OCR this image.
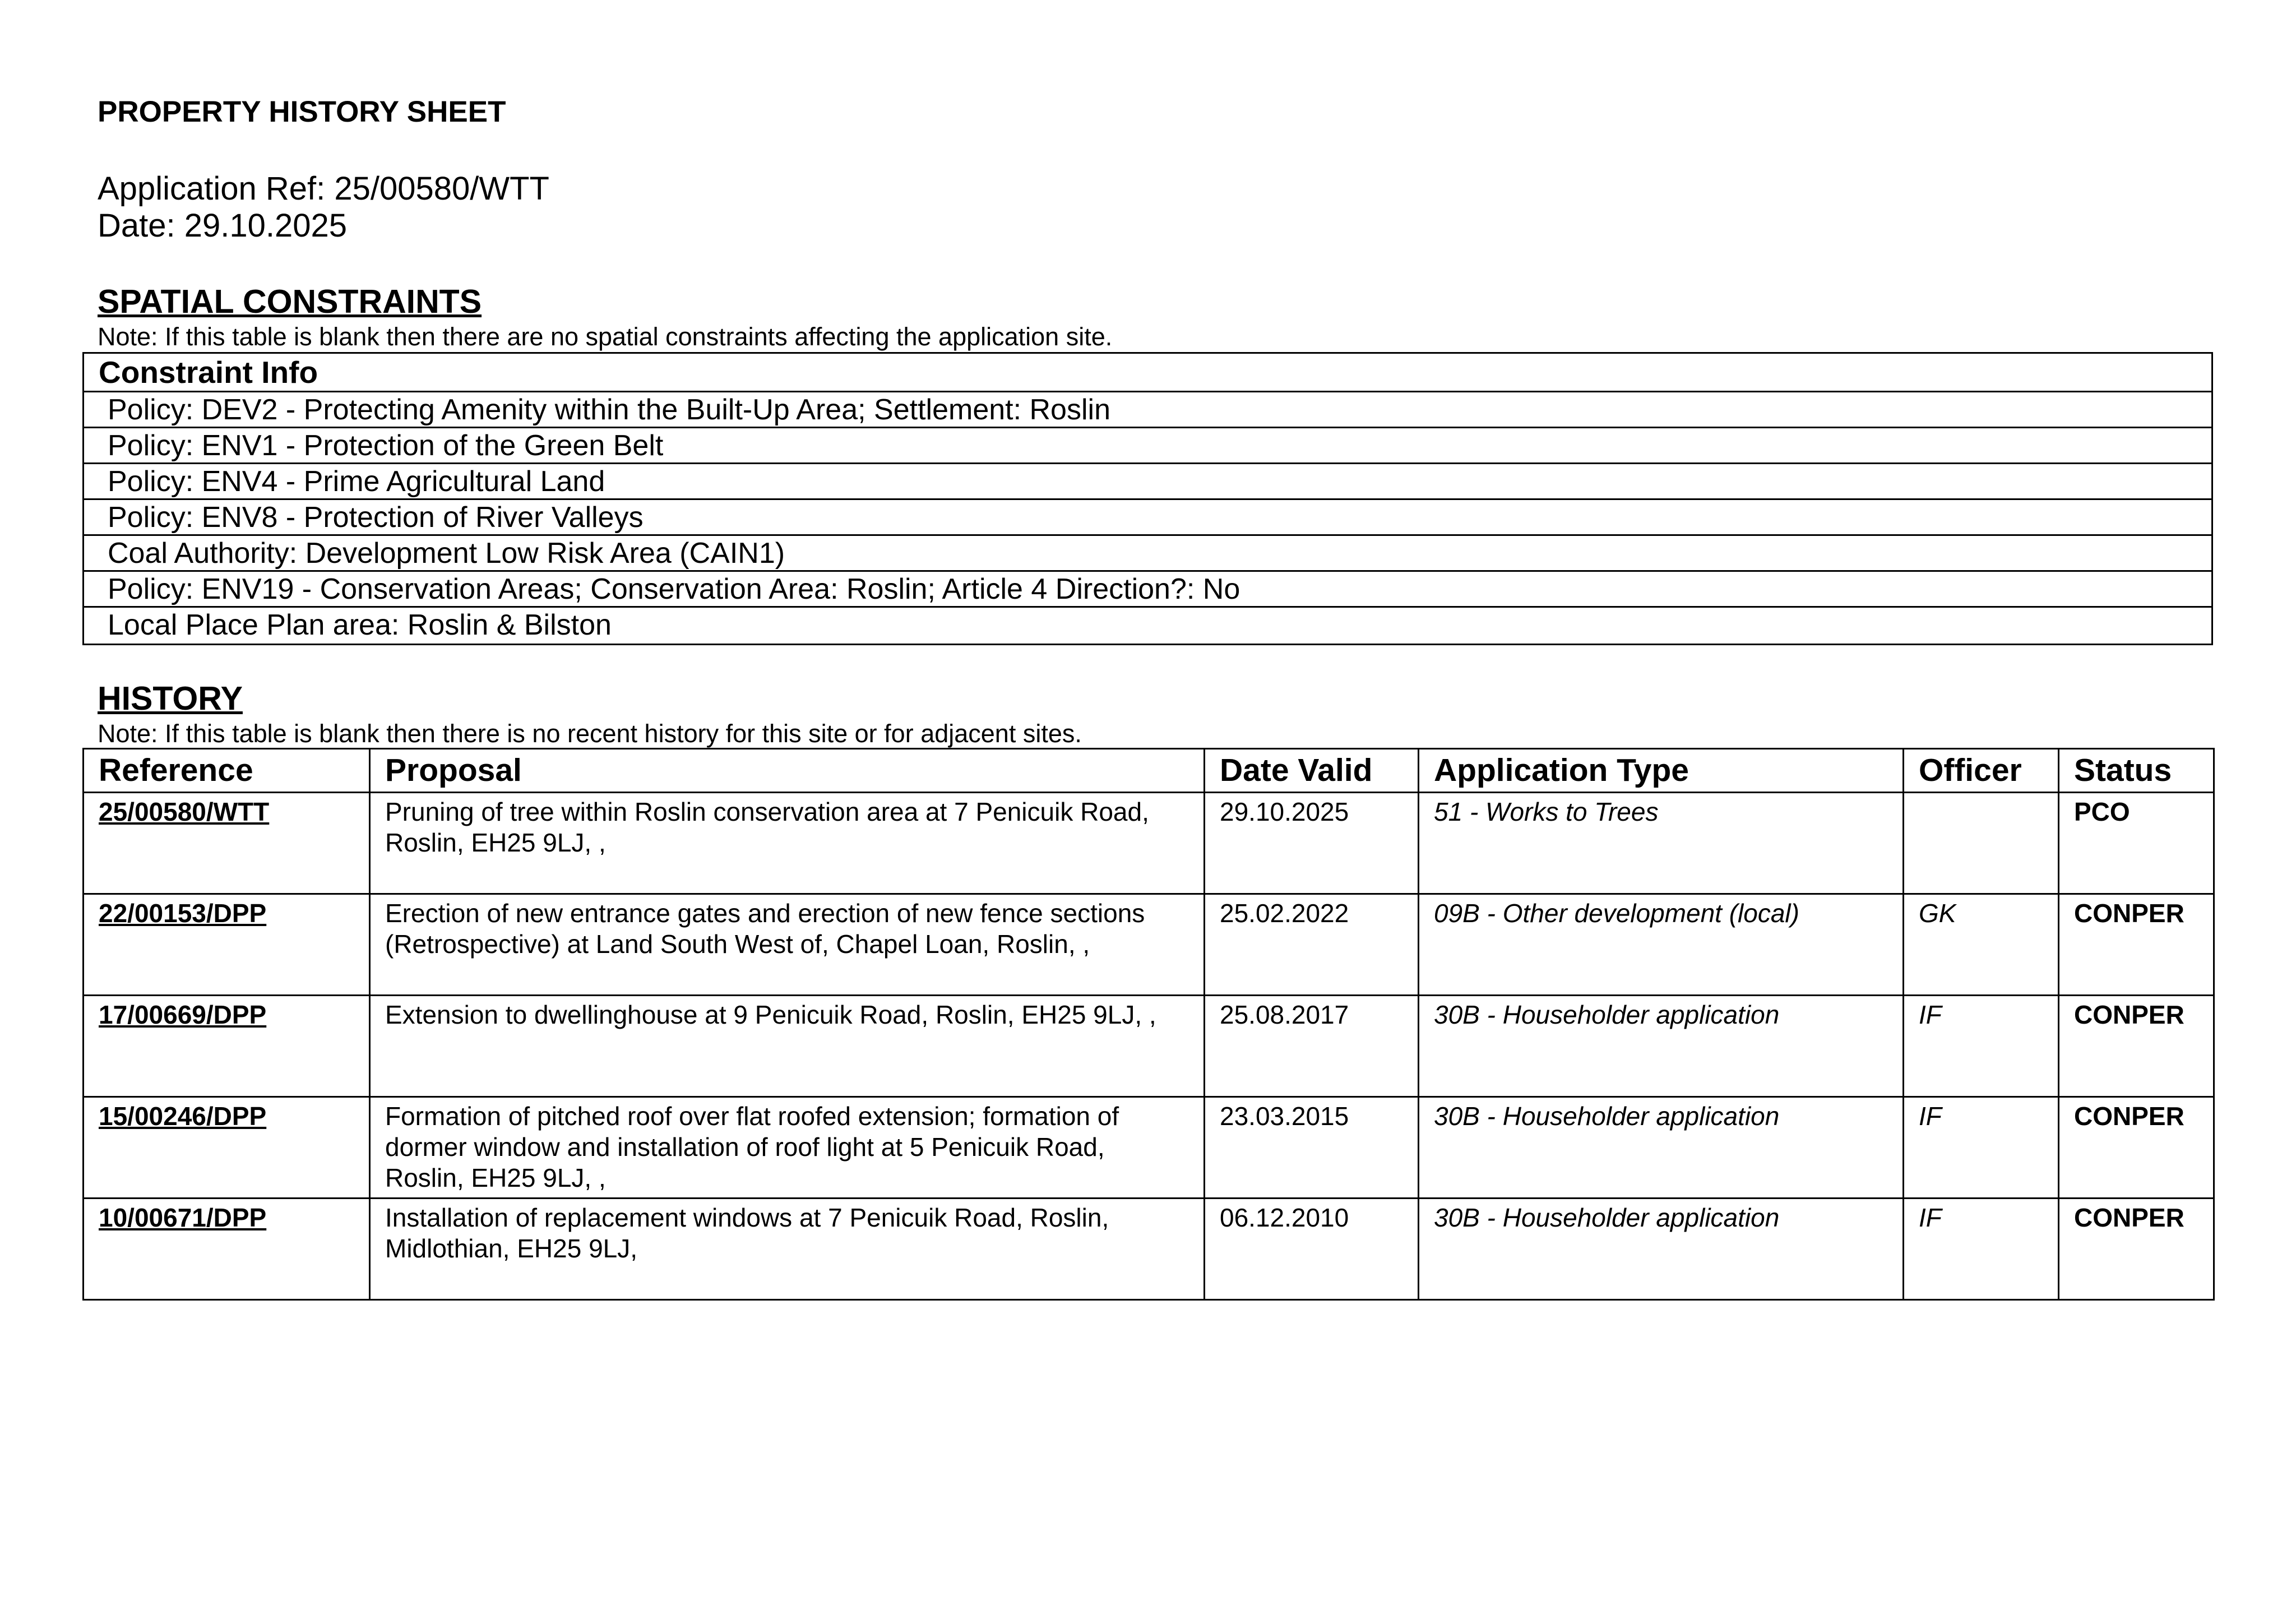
PROPERTY HISTORY SHEET
Application Ref: 25/00580/WTT
Date: 29.10.2025
SPATIAL CONSTRAINTS
Note: If this table is blank then there are no spatial constraints affecting the application site.
Constraint Info
Policy: DEV2 - Protecting Amenity within the Built-Up Area; Settlement: Roslin
Policy: ENV1 - Protection of the Green Belt
Policy: ENV4 - Prime Agricultural Land
Policy: ENV8 - Protection of River Valleys
Coal Authority: Development Low Risk Area (CAIN1)
Policy: ENV19 - Conservation Areas; Conservation Area: Roslin; Article 4 Direction?: No
Local Place Plan area: Roslin & Bilston
HISTORY
Note: If this table is blank then there is no recent history for this site or for adjacent sites.
Reference	Proposal	Date Valid	Application Type	Officer	Status
25/00580/WTT	Pruning of tree within Roslin conservation area at 7 Penicuik Road, Roslin, EH25 9LJ, ,	29.10.2025	51 - Works to Trees		PCO
22/00153/DPP	Erection of new entrance gates and erection of new fence sections (Retrospective) at Land South West of, Chapel Loan, Roslin, ,	25.02.2022	09B - Other development (local)	GK	CONPER
17/00669/DPP	Extension to dwellinghouse at 9 Penicuik Road, Roslin, EH25 9LJ, ,	25.08.2017	30B - Householder application	IF	CONPER
15/00246/DPP	Formation of pitched roof over flat roofed extension; formation of dormer window and installation of roof light at 5 Penicuik Road, Roslin, EH25 9LJ, ,	23.03.2015	30B - Householder application	IF	CONPER
10/00671/DPP	Installation of replacement windows at 7 Penicuik Road, Roslin, Midlothian, EH25 9LJ,	06.12.2010	30B - Householder application	IF	CONPER
